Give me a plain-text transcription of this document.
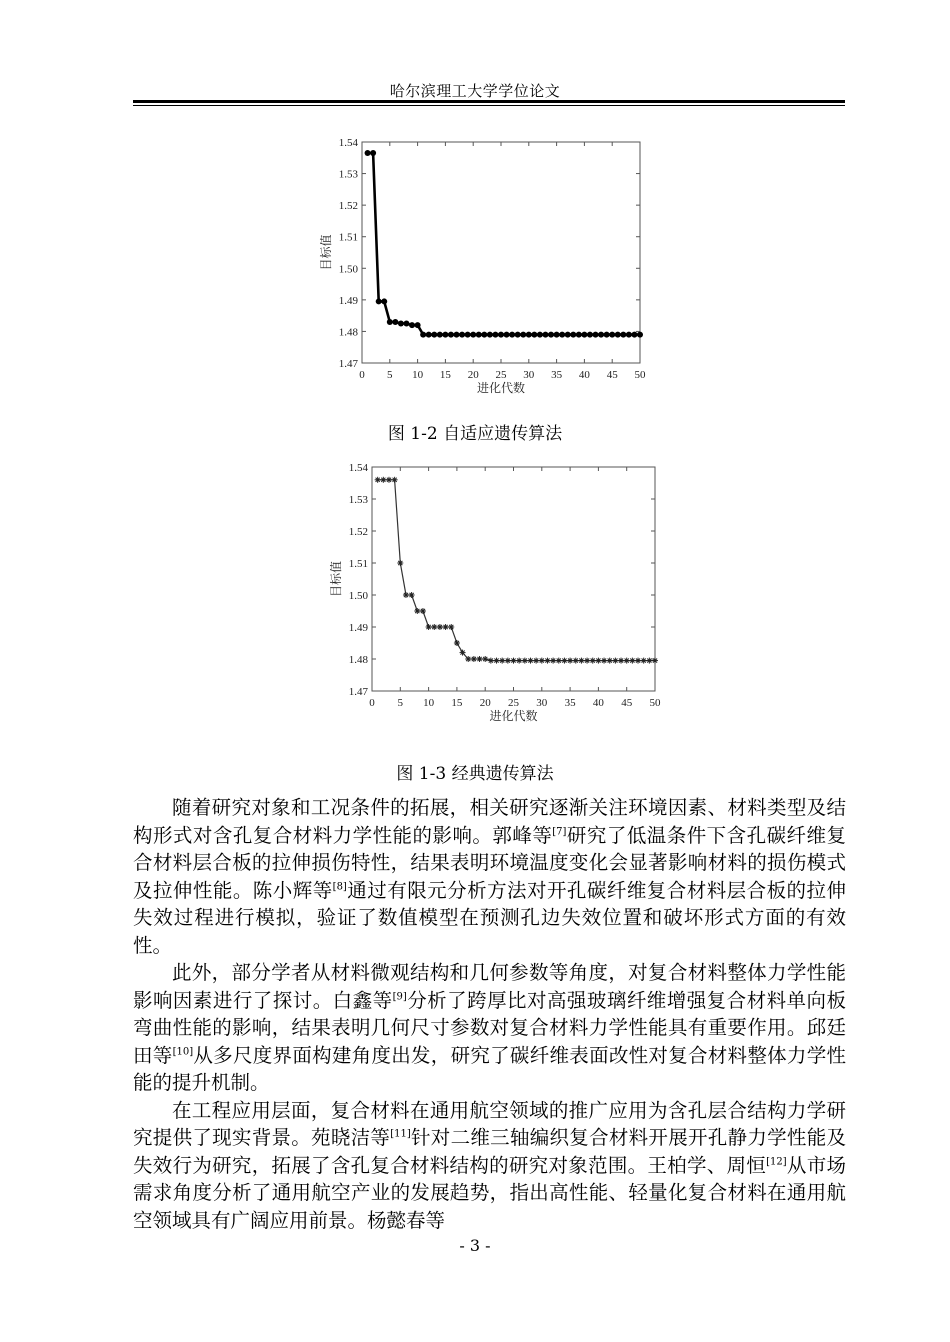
哈尔滨理工大学学位论文
0 5 10 15 20 25 30 35 40 45 50
1.47
1.48
1.49
1.50
1.51
1.52
1.53
1.54
进化代数
目标值
图 1-2 自适应遗传算法
0 5 10 15 20 25 30 35 40 45 50
1.47
1.48
1.49
1.50
1.51
1.52
1.53
1.54
进化代数
目标值
图 1-3 经典遗传算法

随着研究对象和工况条件的拓展，相关研究逐渐关注环境因素、材料类型及结构形式对含孔复合材料力学性能的影响。郭峰等[7]研究了低温条件下含孔碳纤维复合材料层合板的拉伸损伤特性，结果表明环境温度变化会显著影响材料的损伤模式及拉伸性能。陈小辉等[8]通过有限元分析方法对开孔碳纤维复合材料层合板的拉伸失效过程进行模拟，验证了数值模型在预测孔边失效位置和破坏形式方面的有效性。

此外，部分学者从材料微观结构和几何参数等角度，对复合材料整体力学性能影响因素进行了探讨。白鑫等[9]分析了跨厚比对高强玻璃纤维增强复合材料单向板弯曲性能的影响，结果表明几何尺寸参数对复合材料力学性能具有重要作用。邱廷田等[10]从多尺度界面构建角度出发，研究了碳纤维表面改性对复合材料整体力学性能的提升机制。

在工程应用层面，复合材料在通用航空领域的推广应用为含孔层合结构力学研究提供了现实背景。苑晓洁等[11]针对二维三轴编织复合材料开展开孔静力学性能及失效行为研究，拓展了含孔复合材料结构的研究对象范围。王柏学、周恒[12]从市场需求角度分析了通用航空产业的发展趋势，指出高性能、轻量化复合材料在通用航空领域具有广阔应用前景。杨懿春等

- 3 -
